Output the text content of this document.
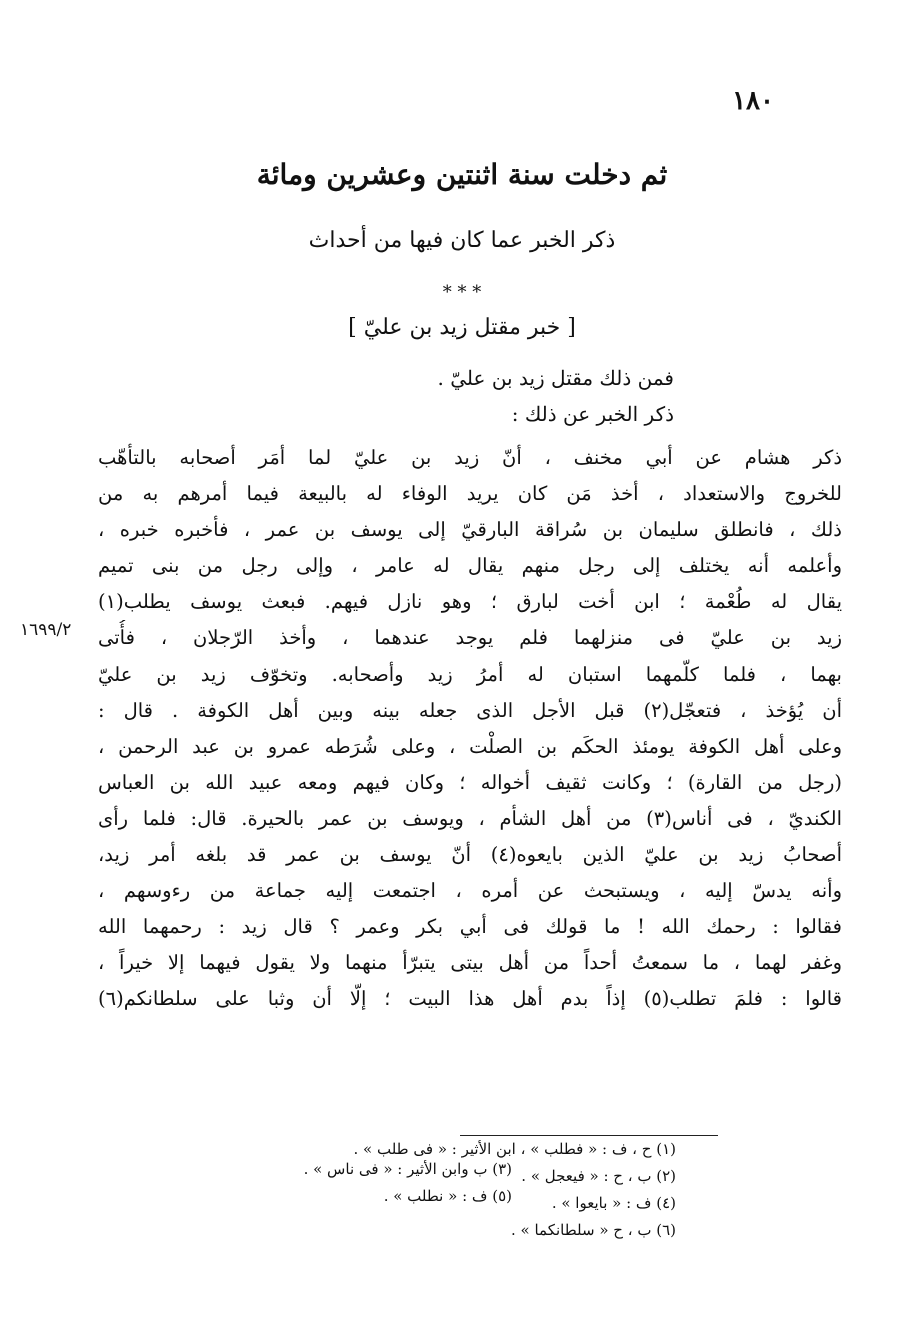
١٨٠
ثم دخلت سنة اثنتين وعشرين ومائة
ذكر الخبر عما كان فيها من أحداث
* * *
[ خبر مقتل زيد بن عليّ ]
فمن ذلك مقتل زيد بن عليّ .
ذكر الخبر عن ذلك :
١٦٩٩/٢
ذكر هشام عن أبي مخنف ، أنّ زيد بن عليّ لما أمَر أصحابه بالتأهّب
للخروج والاستعداد ، أخذ مَن كان يريد الوفاء له بالبيعة فيما أمرهم به من
ذلك ، فانطلق سليمان بن سُراقة البارقيّ إلى يوسف بن عمر ، فأخبره خبره ،
وأعلمه أنه يختلف إلى رجل منهم يقال له عامر ، وإلى رجل من بنى تميم
يقال له طُعْمة ؛ ابن أخت لبارق ؛ وهو نازل فيهم. فبعث يوسف يطلب(١)
زيد بن عليّ فى منزلهما فلم يوجد عندهما ، وأخذ الرّجلان ، فأُتى
بهما ، فلما كلّمهما استبان له أمرُ زيد وأصحابه. وتخوّف زيد بن عليّ
أن يُؤخذ ، فتعجّل(٢) قبل الأجل الذى جعله بينه وبين أهل الكوفة . قال :
وعلى أهل الكوفة يومئذ الحكَم بن الصلْت ، وعلى شُرَطه عمرو بن عبد الرحمن ،
(رجل من القارة) ؛ وكانت ثقيف أخواله ؛ وكان فيهم ومعه عبيد الله بن العباس
الكنديّ ، فى أناس(٣) من أهل الشأم ، ويوسف بن عمر بالحيرة. قال: فلما رأى
أصحابُ زيد بن عليّ الذين بايعوه(٤) أنّ يوسف بن عمر قد بلغه أمر زيد،
وأنه يدسّ إليه ، ويستبحث عن أمره ، اجتمعت إليه جماعة من رءوسهم ،
فقالوا : رحمك الله ! ما قولك فى أبي بكر وعمر ؟ قال زيد : رحمهما الله
وغفر لهما ، ما سمعتُ أحداً من أهل بيتى يتبرّأ منهما ولا يقول فيهما إلا خيراً ،
قالوا : فلمَ تطلب(٥) إذاً بدم أهل هذا البيت ؛ إلّا أن وثبا على سلطانكم(٦)
(١) ح ، ف : « فطلب » ، ابن الأثير : « فى طلب » .
(٢) ب ، ح : « فيعجل » .
(٣) ب وابن الأثير : « فى ناس » .
(٤) ف : « بايعوا » .
(٥) ف : « نطلب » .
(٦) ب ، ح « سلطانكما » .
